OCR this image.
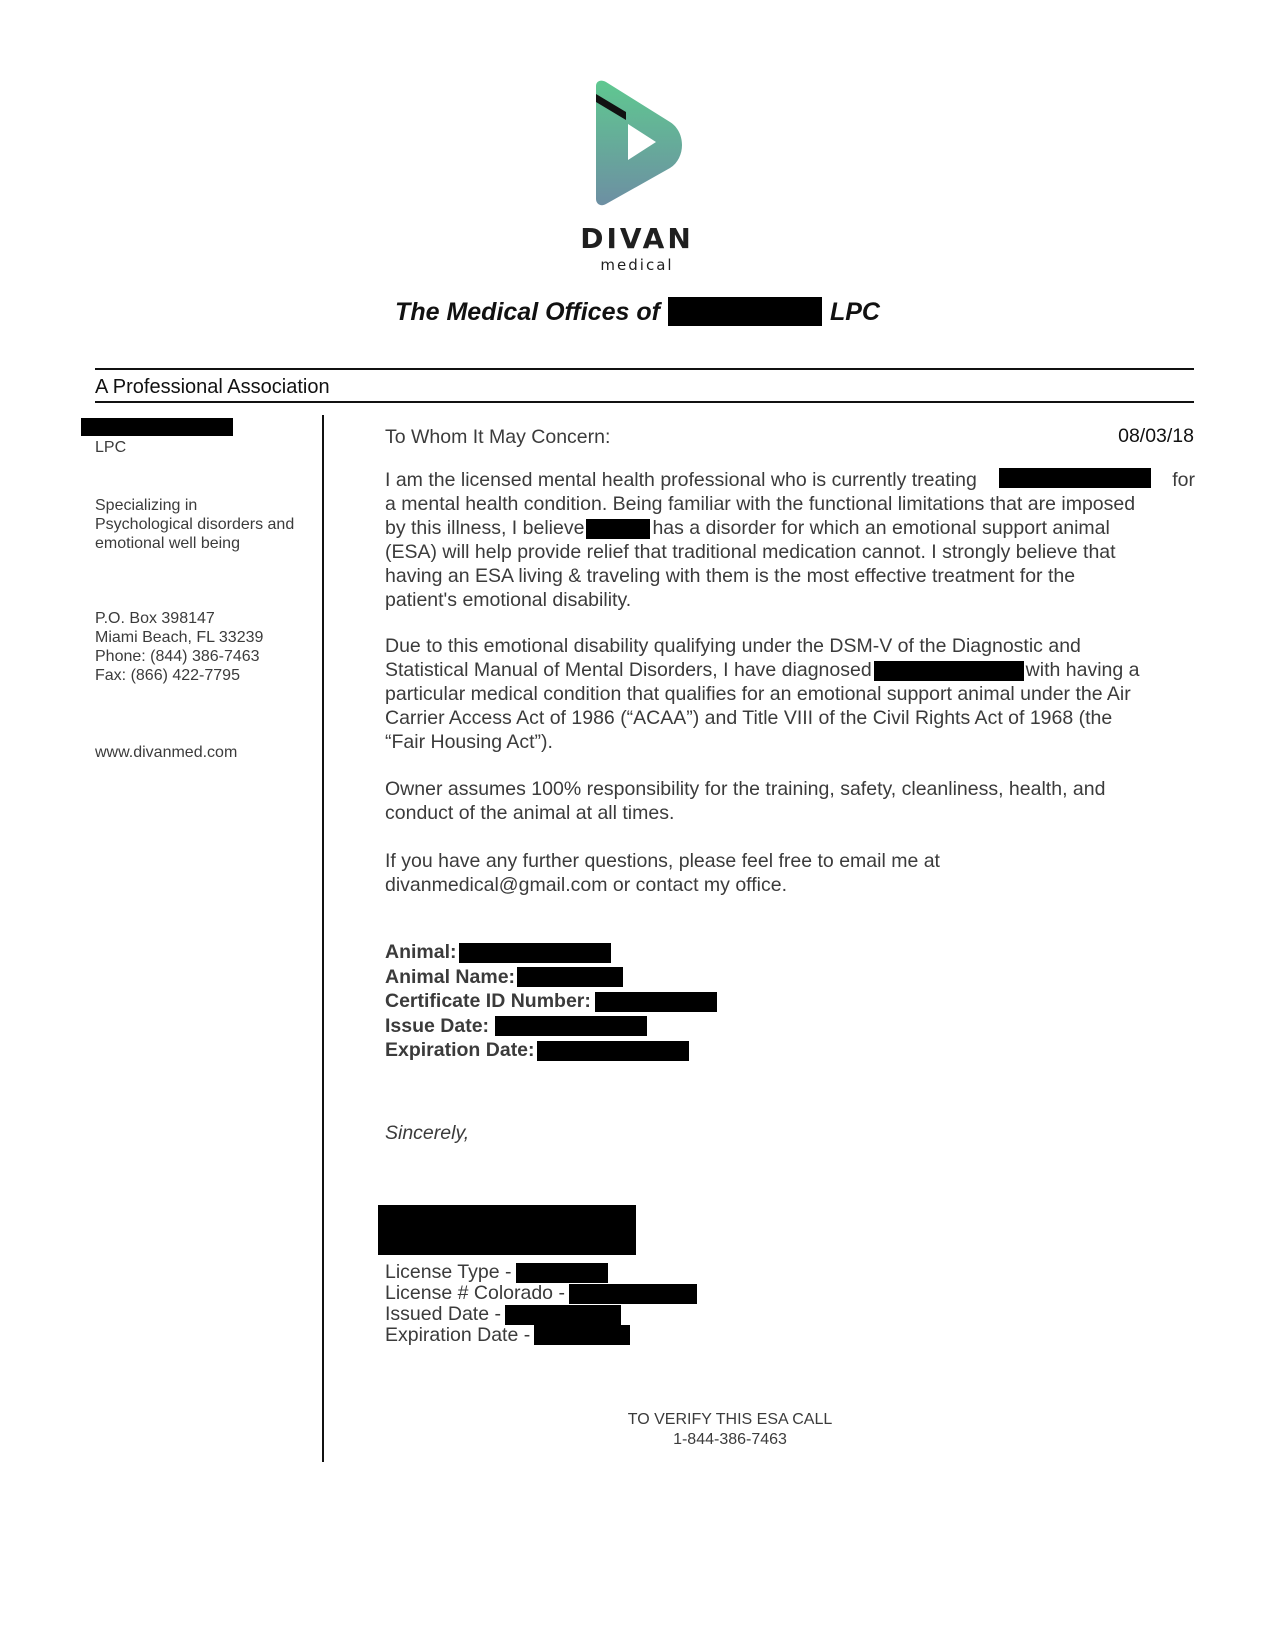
DIVAN
medical
The Medical Offices of	LPC
A Professional Association
LPC
Specializing in
Psychological disorders and
emotional well being
P.O. Box 398147
Miami Beach, FL 33239
Phone: (844) 386-7463
Fax: (866) 422-7795
www.divanmed.com
To Whom It May Concern:	08/03/18
I am the licensed mental health professional who is currently treating	for
a mental health condition. Being familiar with the functional limitations that are imposed
by this illness, I believe	has a disorder for which an emotional support animal
(ESA) will help provide relief that traditional medication cannot. I strongly believe that
having an ESA living & traveling with them is the most effective treatment for the
patient's emotional disability.
Due to this emotional disability qualifying under the DSM-V of the Diagnostic and
Statistical Manual of Mental Disorders, I have diagnosed	with having a
particular medical condition that qualifies for an emotional support animal under the Air
Carrier Access Act of 1986 (“ACAA”) and Title VIII of the Civil Rights Act of 1968 (the
“Fair Housing Act”).
Owner assumes 100% responsibility for the training, safety, cleanliness, health, and
conduct of the animal at all times.
If you have any further questions, please feel free to email me at
divanmedical@gmail.com or contact my office.
Animal:
Animal Name:
Certificate ID Number:
Issue Date:
Expiration Date:
Sincerely,
License Type -
License # Colorado -
Issued Date -
Expiration Date -
TO VERIFY THIS ESA CALL
1-844-386-7463
